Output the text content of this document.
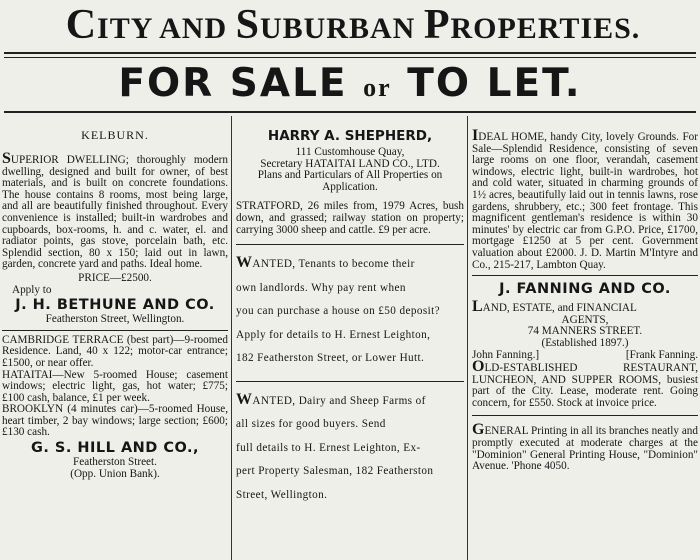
CITY AND SUBURBAN PROPERTIES.
FOR SALE or TO LET.
KELBURN.

SUPERIOR DWELLING; thoroughly modern dwelling, designed and built for owner, of best materials, and is built on concrete foundations. The house contains 8 rooms, most being large, and all are beautifully finished throughout. Every convenience is installed; built-in wardrobes and cupboards, box-rooms, h. and c. water, el. and radiator points, gas stove, porcelain bath, etc. Splendid section, 80 x 150; laid out in lawn, garden, concrete yard and paths. Ideal home.

PRICE—£2500.

Apply to

J. H. BETHUNE AND CO.

Featherston Street, Wellington.

CAMBRIDGE TERRACE (best part)—9-roomed Residence. Land, 40 x 122; motor-car entrance; £1500, or near offer.

HATAITAI—New 5-roomed House; casement windows; electric light, gas, hot water; £775; £100 cash, balance, £1 per week.

BROOKLYN (4 minutes car)—5-roomed House, heart timber, 2 bay windows; large section; £600; £130 cash.

G. S. HILL AND CO.,

Featherston Street.

(Opp. Union Bank).

HARRY A. SHEPHERD,

111 Customhouse Quay,

Secretary HATAITAI LAND CO., LTD.

Plans and Particulars of All Properties on Application.

STRATFORD, 26 miles from, 1979 Acres, bush down, and grassed; railway station on property; carrying 3000 sheep and cattle. £9 per acre.

WANTED, Tenants to become their

own landlords. Why pay rent when

you can purchase a house on £50 deposit?

Apply for details to H. Ernest Leighton,

182 Featherston Street, or Lower Hutt.

WANTED, Dairy and Sheep Farms of

all sizes for good buyers. Send

full details to H. Ernest Leighton, Ex-

pert Property Salesman, 182 Featherston

Street, Wellington.

IDEAL HOME, handy City, lovely Grounds. For Sale—Splendid Residence, consisting of seven large rooms on one floor, verandah, casement windows, electric light, built-in wardrobes, hot and cold water, situated in charming grounds of 1½ acres, beautifully laid out in tennis lawns, rose gardens, shrubbery, etc.; 300 feet frontage. This magnificent gentleman's residence is within 30 minutes' by electric car from G.P.O. Price, £1700, mortgage £1250 at 5 per cent. Government valuation about £2000. J. D. Martin M'Intyre and Co., 215-217, Lambton Quay.

J. FANNING AND CO.

LAND, ESTATE, and FINANCIAL

AGENTS,

74 MANNERS STREET.

(Established 1897.)

John Fanning.]	[Frank Fanning.

OLD-ESTABLISHED RESTAURANT, LUNCHEON, AND SUPPER ROOMS, busiest part of the City. Lease, moderate rent. Going concern, for £550. Stock at invoice price.

GENERAL Printing in all its branches neatly and promptly executed at moderate charges at the "Dominion" General Printing House, "Dominion" Avenue. 'Phone 4050.
